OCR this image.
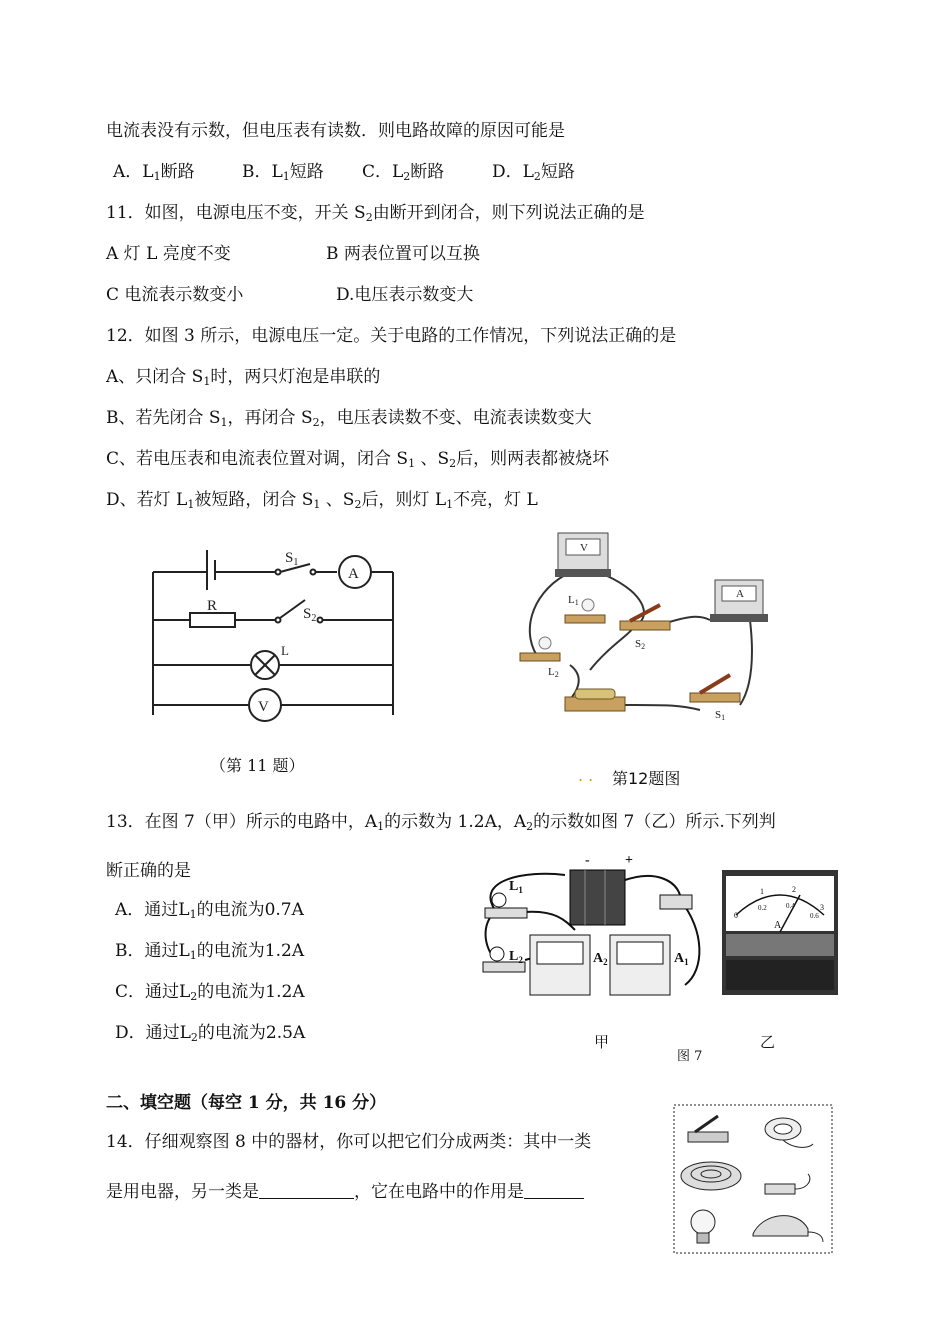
电流表没有示数，但电压表有读数．则电路故障的原因可能是
A．$L_1$断路	B．$L_1$短路 C．$L_2$断路	D．$L_2$短路
11．如图，电源电压不变，开关 $S_2$由断开到闭合，则下列说法正确的是
A 灯 L 亮度不变	B 两表位置可以互换
C 电流表示数变小	D.电压表示数变大
12．如图 3 所示，电源电压一定。关于电路的工作情况，下列说法正确的是
A、只闭合 $S_1$时，两只灯泡是串联的
B、若先闭合 $S_1$，再闭合 $S_2$，电压表读数不变、电流表读数变大
C、若电压表和电流表位置对调，闭合 $S_1$ 、$S_2$后，则两表都被烧坏
D、若灯 $L_1$被短路，闭合 $S_1$ 、$S_2$后，则灯 $L_1$不亮，灯 L
$S_1$
A
R	$S_2$
L
V
（第 11 题）
V
A
L1
L2
S2
S1
. . 第12题图
13．在图 7（甲）所示的电路中，$A_1$的示数为 1.2A，$A_2$的示数如图 7（乙）所示.下列判
断正确的是
A．通过$L_1$的电流为0.7A
B．通过$L_1$的电流为1.2A
C．通过$L_2$的电流为1.2A
D．通过$L_2$的电流为2.5A
-	+
$L_1$
$L_2$	$A_2$	$A_1$
0
1	2
3
0.2	0.4
0.6
A
甲
图 7
乙
二、填空题（每空 1 分，共 16 分）
14．仔细观察图 8 中的器材，你可以把它们分成两类：其中一类
是用电器，另一类是	，它在电路中的作用是
